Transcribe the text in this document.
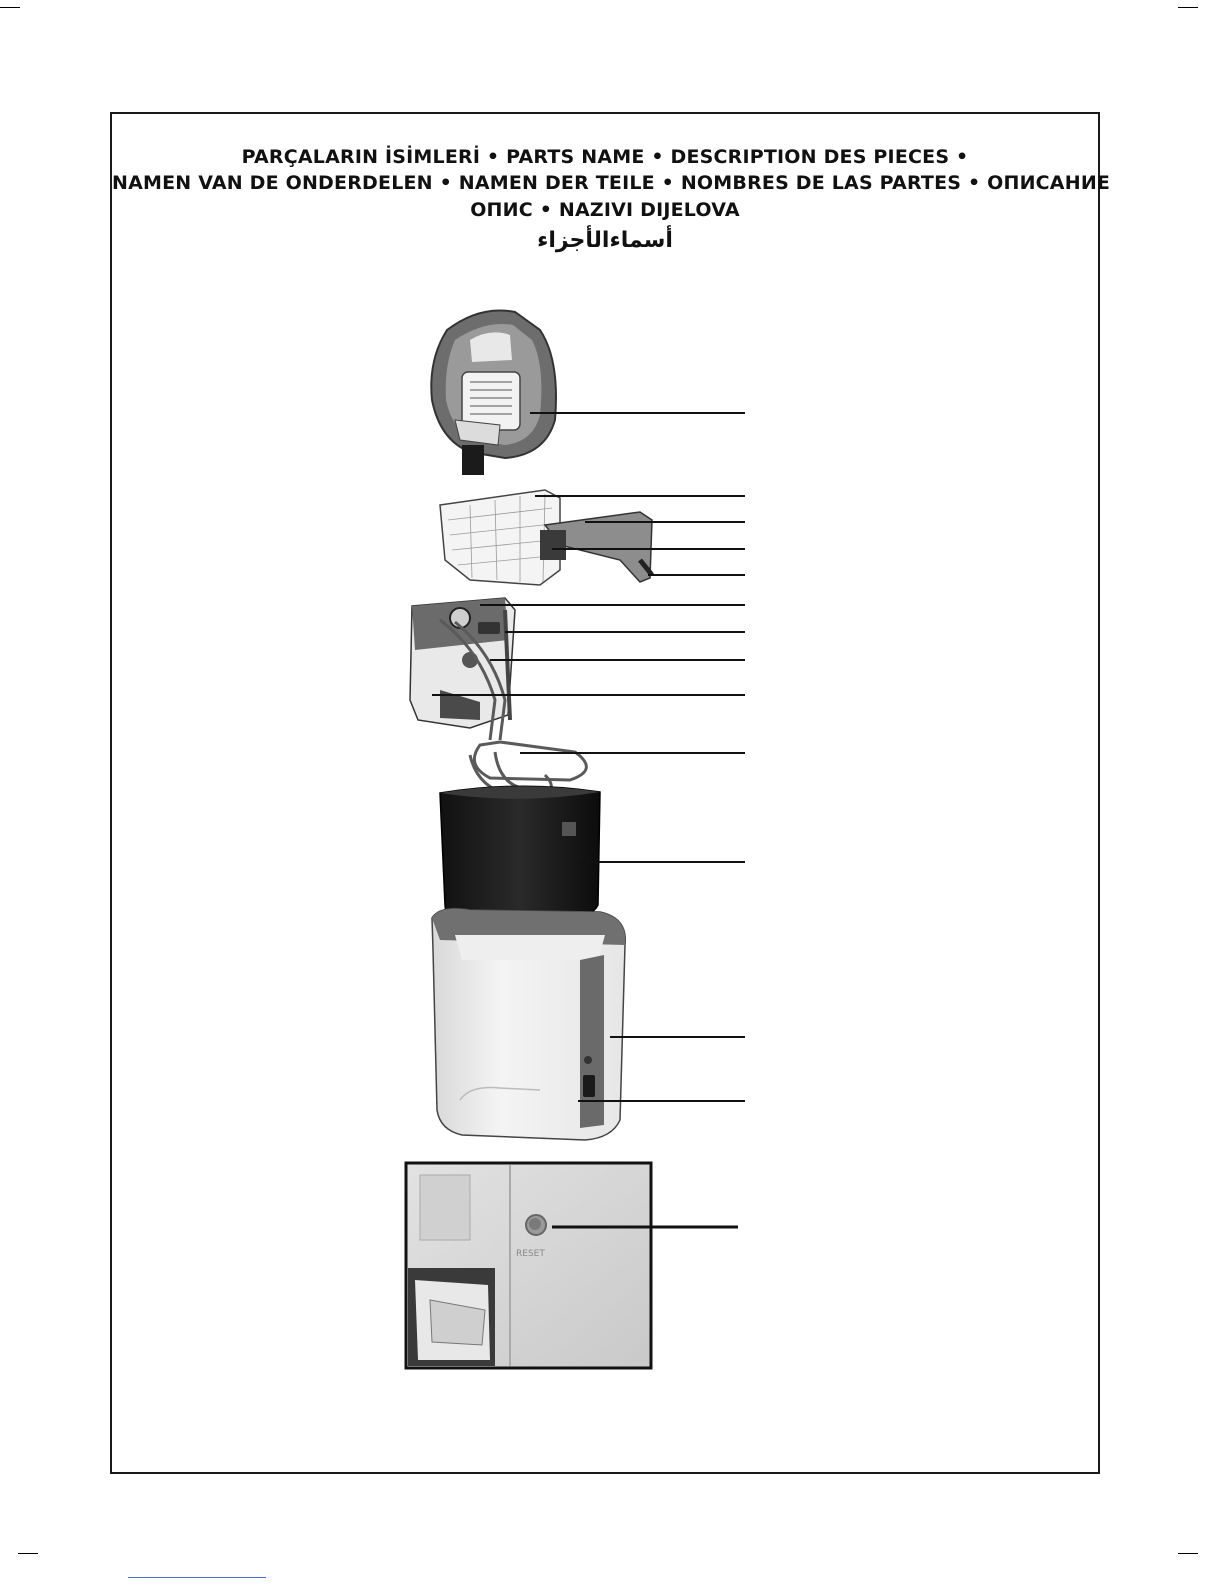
PARÇALARIN İSİMLERİ • PARTS NAME • DESCRIPTION DES PIECES •
NAMEN VAN DE ONDERDELEN • NAMEN DER TEILE • NOMBRES DE LAS PARTES • ОПИСАНИЕ
ОПИС • NAZIVI DIJELOVA
أسماءالأجزاء
RESET
